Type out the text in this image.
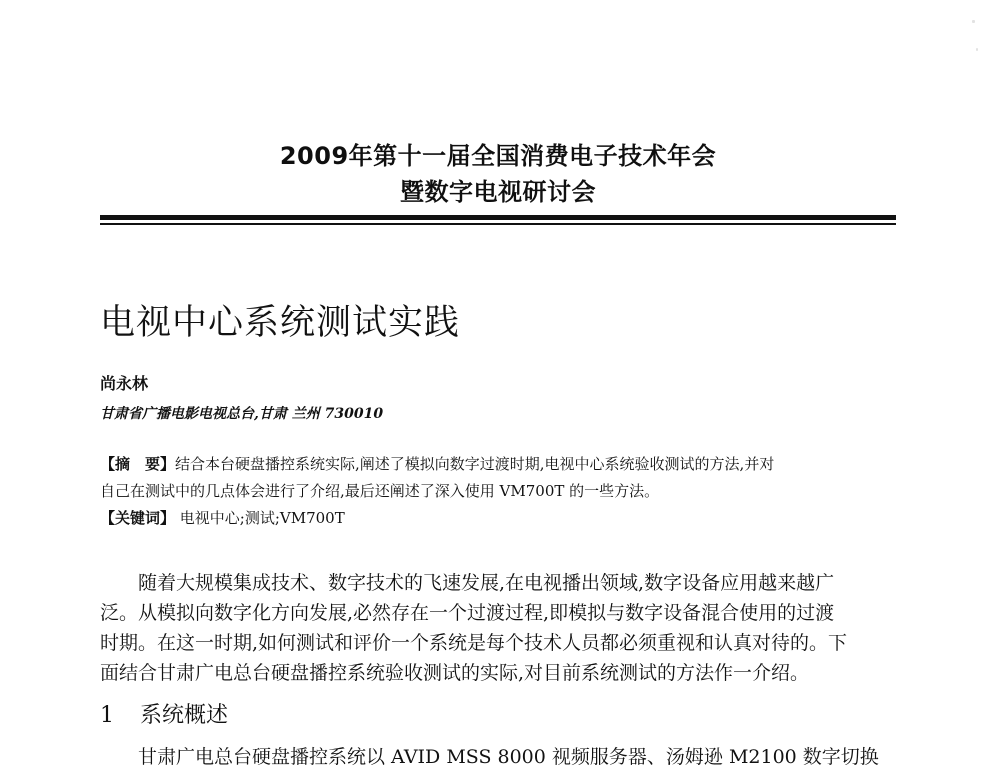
2009年第十一届全国消费电子技术年会
暨数字电视研讨会
电视中心系统测试实践
尚永林
甘肃省广播电影电视总台,甘肃 兰州 730010
【摘　要】结合本台硬盘播控系统实际,阐述了模拟向数字过渡时期,电视中心系统验收测试的方法,并对
自己在测试中的几点体会进行了介绍,最后还阐述了深入使用 VM700T 的一些方法。
【关键词】 电视中心;测试;VM700T
随着大规模集成技术、数字技术的飞速发展,在电视播出领域,数字设备应用越来越广
泛。从模拟向数字化方向发展,必然存在一个过渡过程,即模拟与数字设备混合使用的过渡
时期。在这一时期,如何测试和评价一个系统是每个技术人员都必须重视和认真对待的。下
面结合甘肃广电总台硬盘播控系统验收测试的实际,对目前系统测试的方法作一介绍。
1 系统概述
甘肃广电总台硬盘播控系统以 AVID MSS 8000 视频服务器、汤姆逊 M2100 数字切换
